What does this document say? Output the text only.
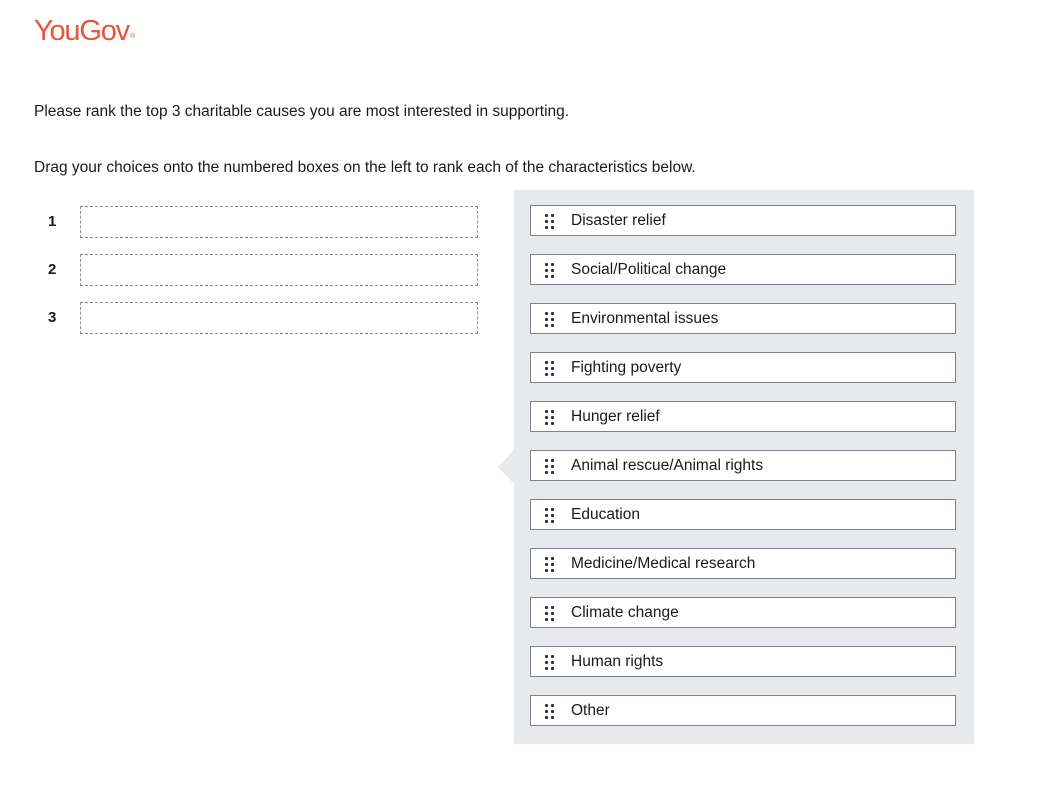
YouGov®
Please rank the top 3 charitable causes you are most interested in supporting.
Drag your choices onto the numbered boxes on the left to rank each of the characteristics below.
1
2
3
Disaster relief
Social/Political change
Environmental issues
Fighting poverty
Hunger relief
Animal rescue/Animal rights
Education
Medicine/Medical research
Climate change
Human rights
Other
